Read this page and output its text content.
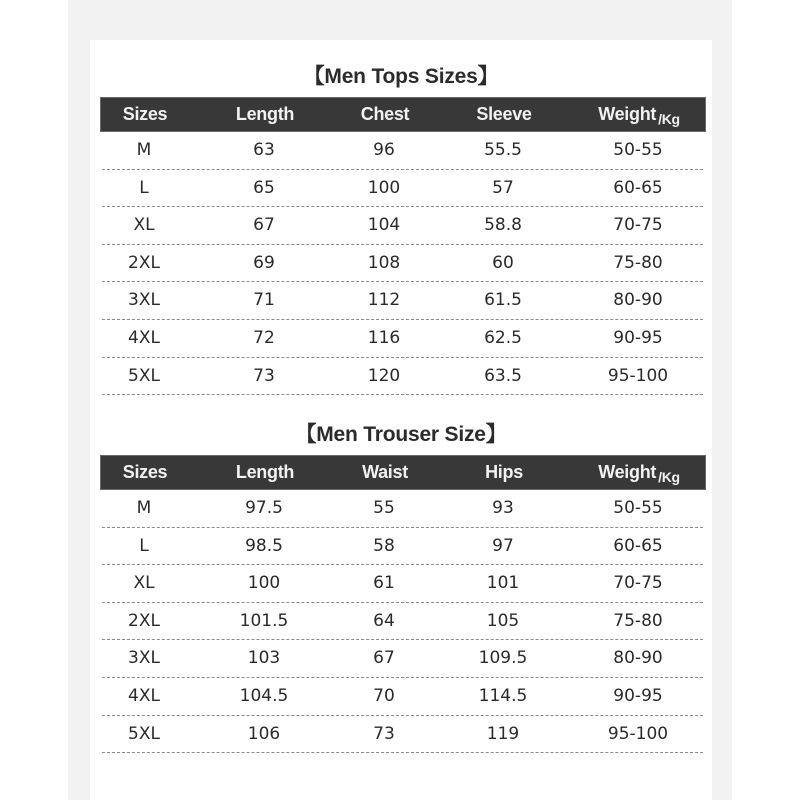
【Men Tops Sizes】
Sizes	Length	Chest	Sleeve	Weight $_{/Kg}$
M	63	96	55.5	50-55
L	65	100	57	60-65
XL	67	104	58.8	70-75
2XL	69	108	60	75-80
3XL	71	112	61.5	80-90
4XL	72	116	62.5	90-95
5XL	73	120	63.5	95-100
【Men Trouser Size】
Sizes	Length	Waist	Hips	Weight $_{/Kg}$
M	97.5	55	93	50-55
L	98.5	58	97	60-65
XL	100	61	101	70-75
2XL	101.5	64	105	75-80
3XL	103	67	109.5	80-90
4XL	104.5	70	114.5	90-95
5XL	106	73	119	95-100
